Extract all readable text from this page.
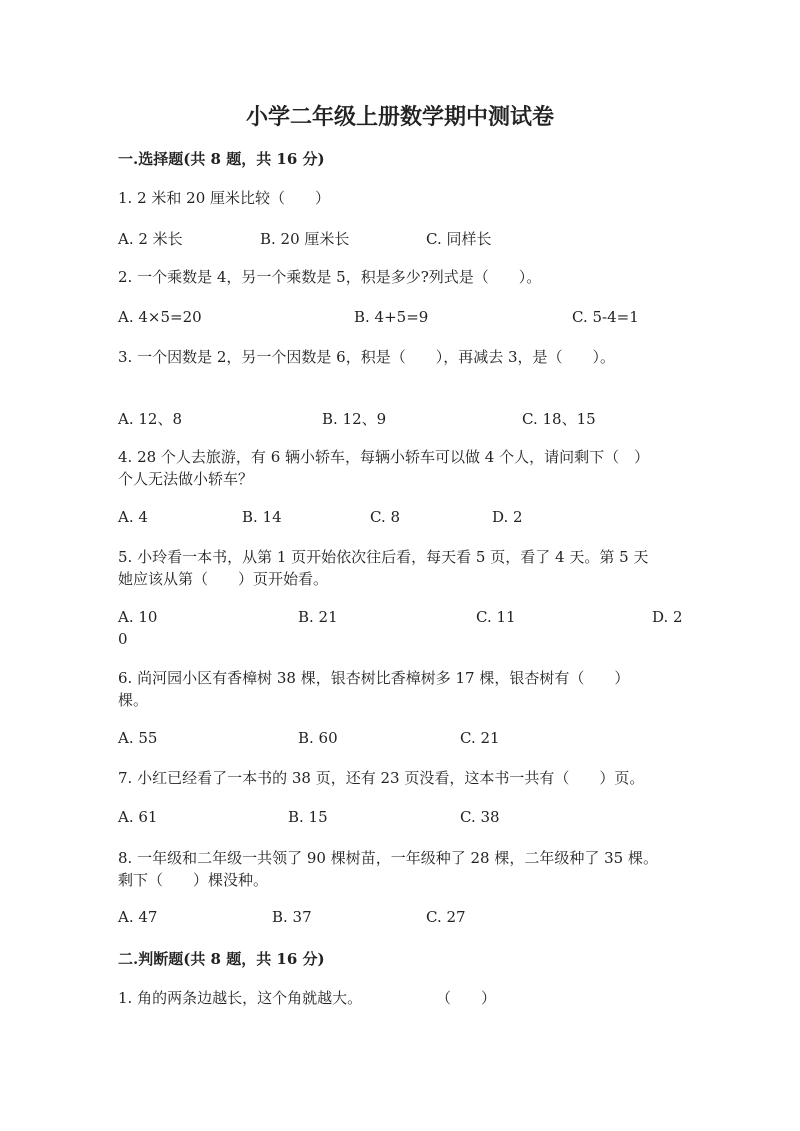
小学二年级上册数学期中测试卷
一.选择题(共 8 题，共 16 分)
1. 2 米和 20 厘米比较（　　）
A. 2 米长	B. 20 厘米长	C. 同样长
2. 一个乘数是 4，另一个乘数是 5，积是多少?列式是（　　）。
A. 4×5=20	B. 4+5=9	C. 5-4=1
3. 一个因数是 2，另一个因数是 6，积是（　　），再减去 3，是（　　）。
A. 12、8	B. 12、9	C. 18、15
4. 28 个人去旅游，有 6 辆小轿车，每辆小轿车可以做 4 个人，请问剩下（　）
个人无法做小轿车？
A. 4	B. 14	C. 8	D. 2
5. 小玲看一本书，从第 1 页开始依次往后看，每天看 5 页，看了 4 天。第 5 天
她应该从第（　　）页开始看。
A. 10	B. 21	C. 11	D. 2
0
6. 尚河园小区有香樟树 38 棵，银杏树比香樟树多 17 棵，银杏树有（　　）
棵。
A. 55	B. 60	C. 21
7. 小红已经看了一本书的 38 页，还有 23 页没看，这本书一共有（　　）页。
A. 61	B. 15	C. 38
8. 一年级和二年级一共领了 90 棵树苗，一年级种了 28 棵，二年级种了 35 棵。
剩下（　　）棵没种。
A. 47	B. 37	C. 27
二.判断题(共 8 题，共 16 分)
1. 角的两条边越长，这个角就越大。	（　　）
